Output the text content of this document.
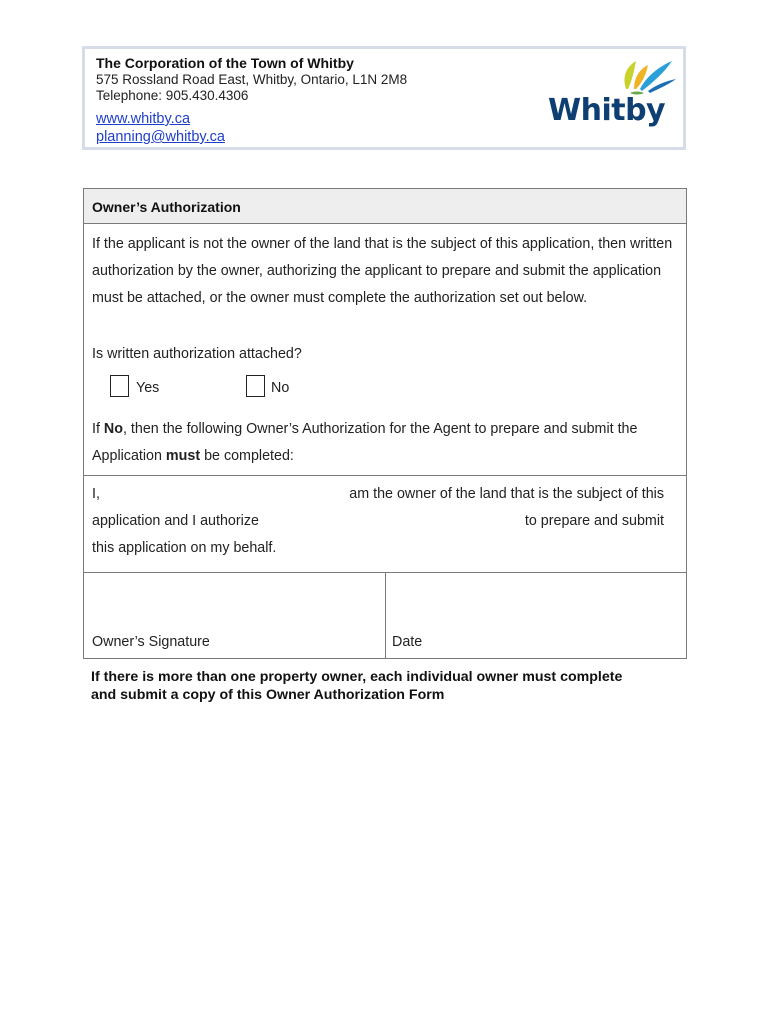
The Corporation of the Town of Whitby
575 Rossland Road East, Whitby, Ontario, L1N 2M8
Telephone: 905.430.4306
www.whitby.ca
planning@whitby.ca
Whitby
Owner’s Authorization
If the applicant is not the owner of the land that is the subject of this application, then written authorization by the owner, authorizing the applicant to prepare and submit the application must be attached, or the owner must complete the authorization set out below.
Is written authorization attached?
Yes	No
If No, then the following Owner’s Authorization for the Agent to prepare and submit the Application must be completed:
I,	am the owner of the land that is the subject of this
application and I authorize	to prepare and submit
this application on my behalf.
Owner’s Signature	Date
If there is more than one property owner, each individual owner must complete
and submit a copy of this Owner Authorization Form
